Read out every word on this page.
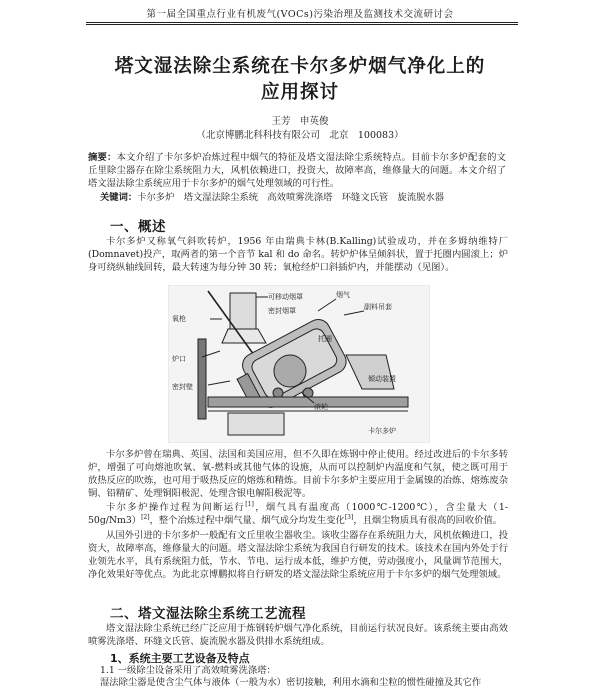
第一届全国重点行业有机废气(VOCs)污染治理及监测技术交流研讨会
塔文湿法除尘系统在卡尔多炉烟气净化上的
应用探讨
王芳　申英俊
（北京博鹏北科科技有限公司　北京　100083）
摘要：本文介绍了卡尔多炉冶炼过程中烟气的特征及塔文湿法除尘系统特点。目前卡尔多炉配套的文丘里除尘器存在除尘系统阻力大，风机依赖进口，投资大，故障率高，维修量大的问题。本文介绍了塔文湿法除尘系统应用于卡尔多炉的烟气处理领域的可行性。
关键词：卡尔多炉　塔文湿法除尘系统　高效喷雾洗涤塔　环缝文氏管　旋流脱水器
一、概述
卡尔多炉又称氧气斜吹转炉，1956 年由瑞典卡林(B.Kalling)试验成功，并在多姆纳维特厂(Domnavet)投产，取两者的第一个音节 kal 和 do 命名。转炉炉体呈倾斜状，置于托圈内圆滚上；炉身可绕纵轴线回转，最大转速为每分钟 30 转；氧枪经炉口斜插炉内，并能摆动（见图）。
可移动烟罩
氧枪
密封烟罩
烟气
副料吊套
炉口
托圈
滚轮
倾动装置
密封壁
卡尔多炉
卡尔多炉曾在瑞典、英国、法国和美国应用，但不久即在炼钢中停止使用。经过改进后的卡尔多转炉，增强了可向熔池吹氧、氧-燃料或其他气体的设施，从而可以控制炉内温度和气氛，使之既可用于放热反应的吹炼，也可用于吸热反应的熔炼和精炼。目前卡尔多炉主要应用于金属镍的冶炼、熔炼废杂铜、铅精矿、处理铜阳极泥、处理含银电解阳极泥等。
卡尔多炉操作过程为间断运行[1]，烟气具有温度高（1000℃-1200℃），含尘量大（1-50g/Nm3）[2]，整个冶炼过程中烟气量、烟气成分均发生变化[3]，且烟尘物质具有很高的回收价值。
从国外引进的卡尔多炉一般配有文丘里收尘器收尘。该收尘器存在系统阻力大，风机依赖进口，投资大，故障率高，维修量大的问题。塔文湿法除尘系统为我国自行研发的技术。该技术在国内外处于行业领先水平，具有系统阻力低，节水、节电、运行成本低，维护方便，劳动强度小，风量调节范围大，净化效果好等优点。为此北京博鹏拟将自行研发的塔文湿法除尘系统应用于卡尔多炉的烟气处理领域。
二、塔文湿法除尘系统工艺流程
塔文湿法除尘系统已经广泛应用于炼钢转炉烟气净化系统，目前运行状况良好。该系统主要由高效喷雾洗涤塔、环缝文氏管、旋流脱水器及供排水系统组成。
1、系统主要工艺设备及特点
1.1 一级除尘设备采用了高效喷雾洗涤塔：
湿法除尘器是使含尘气体与液体（一般为水）密切接触，利用水滴和尘粒的惯性碰撞及其它作
